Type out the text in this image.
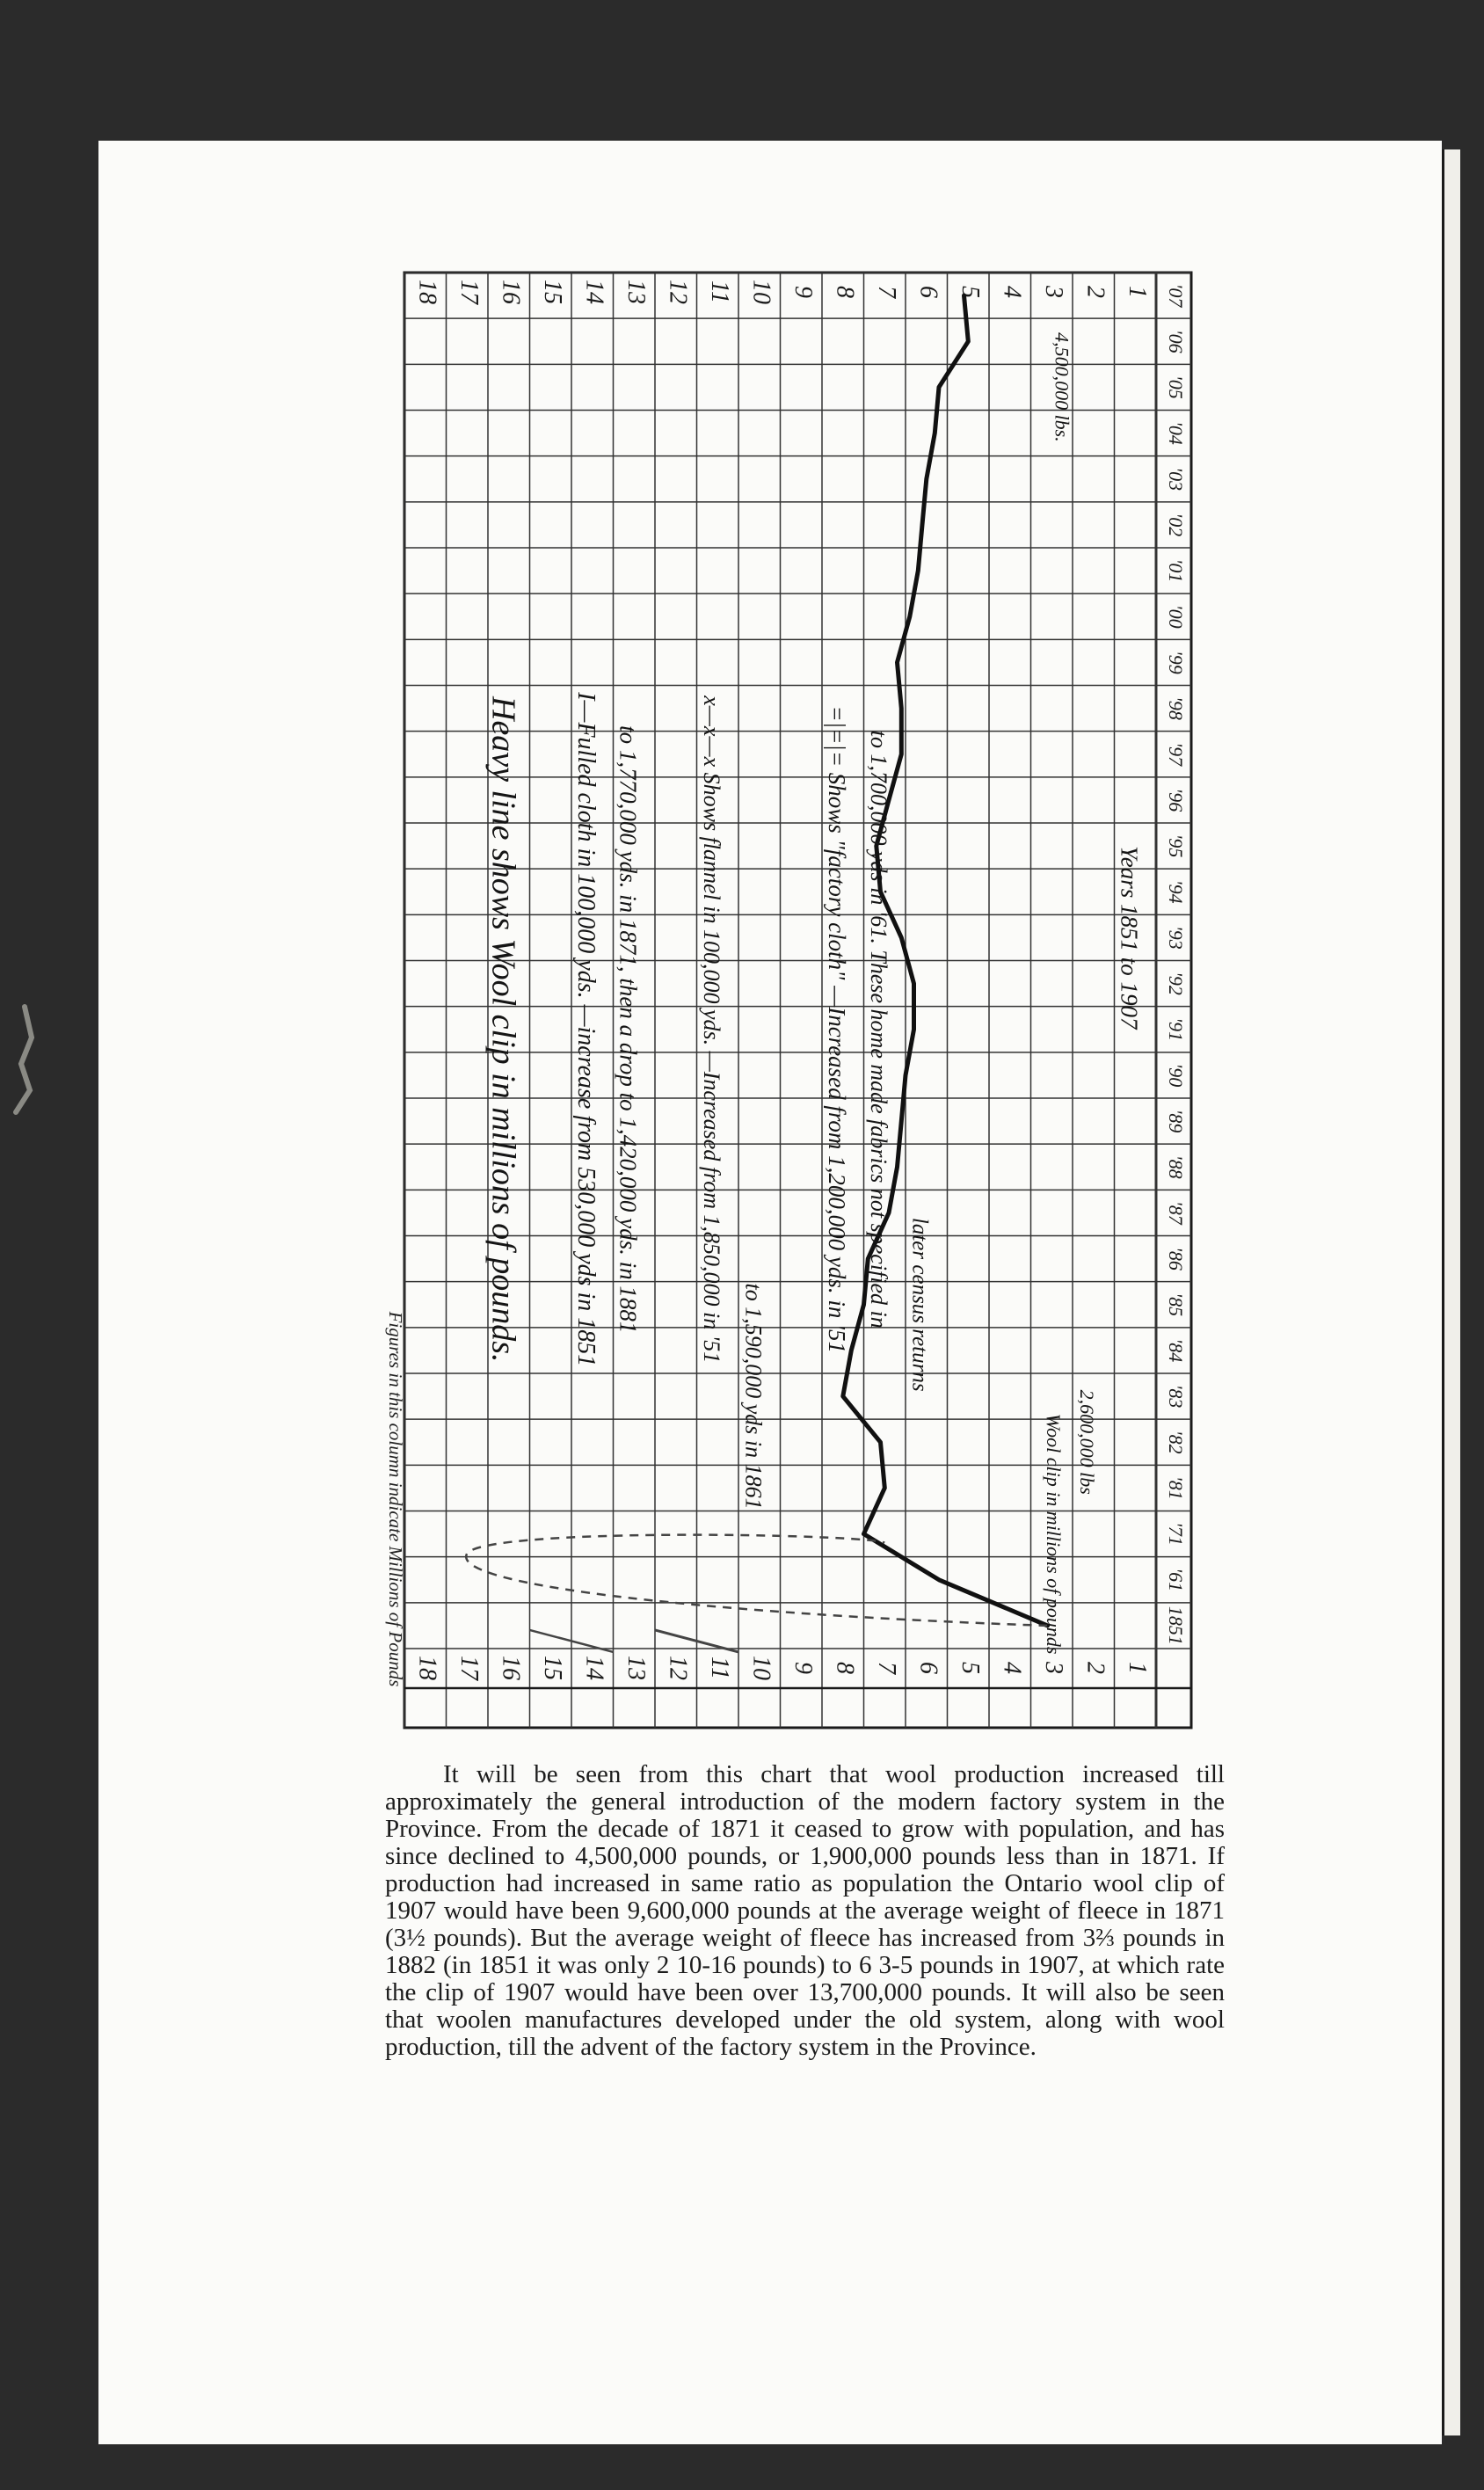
1
1
2
2
3
3
4
4
5
5
6
6
7
7
8
8
9
9
10
10
11
11
12
12
13
13
14
14
15
15
16
16
17
17
18
18
1851
'61
'71
'81
'82
'83
'84
'85
'86
'87
'88
'89
'90
'91
'92
'93
'94
'95
'96
'97
'98
'99
'00
'01
'02
'03
'04
'05
'06
'07
Figures in this column indicate Millions of Pounds
Heavy line shows Wool clip in millions of pounds. I—Fulled cloth in 100,000 yds. —increase from 530,000 yds in 1851 to 1,770,000 yds. in 1871, then a drop to 1,420,000 yds. in 1881	x—x—x Shows flannel in 100,000 yds. —Increased from 1,850,000 in '51
to 1,590,000 yds in 1861
=|=|= Shows "factory cloth" —Increased from 1,200,000 yds. in '51 to 1,700,000 yds in '61. These home made fabrics not specified in later census returns
Wool clip in millions of pounds 2,600,000 lbs
4,500,000 lbs.
Years 1851 to 1907

It will be seen from this chart that wool production increased till approximately the general introduction of the modern factory system in the Province. From the decade of 1871 it ceased to grow with population, and has since declined to 4,500,000 pounds, or 1,900,000 pounds less than in 1871. If production had increased in same ratio as population the Ontario wool clip of 1907 would have been 9,600,000 pounds at the average weight of fleece in 1871 (3½ pounds). But the average weight of fleece has increased from 3⅔ pounds in 1882 (in 1851 it was only 2 10-16 pounds) to 6 3-5 pounds in 1907, at which rate the clip of 1907 would have been over 13,700,000 pounds. It will also be seen that woolen manufactures developed under the old system, along with wool production, till the advent of the factory system in the Province.
